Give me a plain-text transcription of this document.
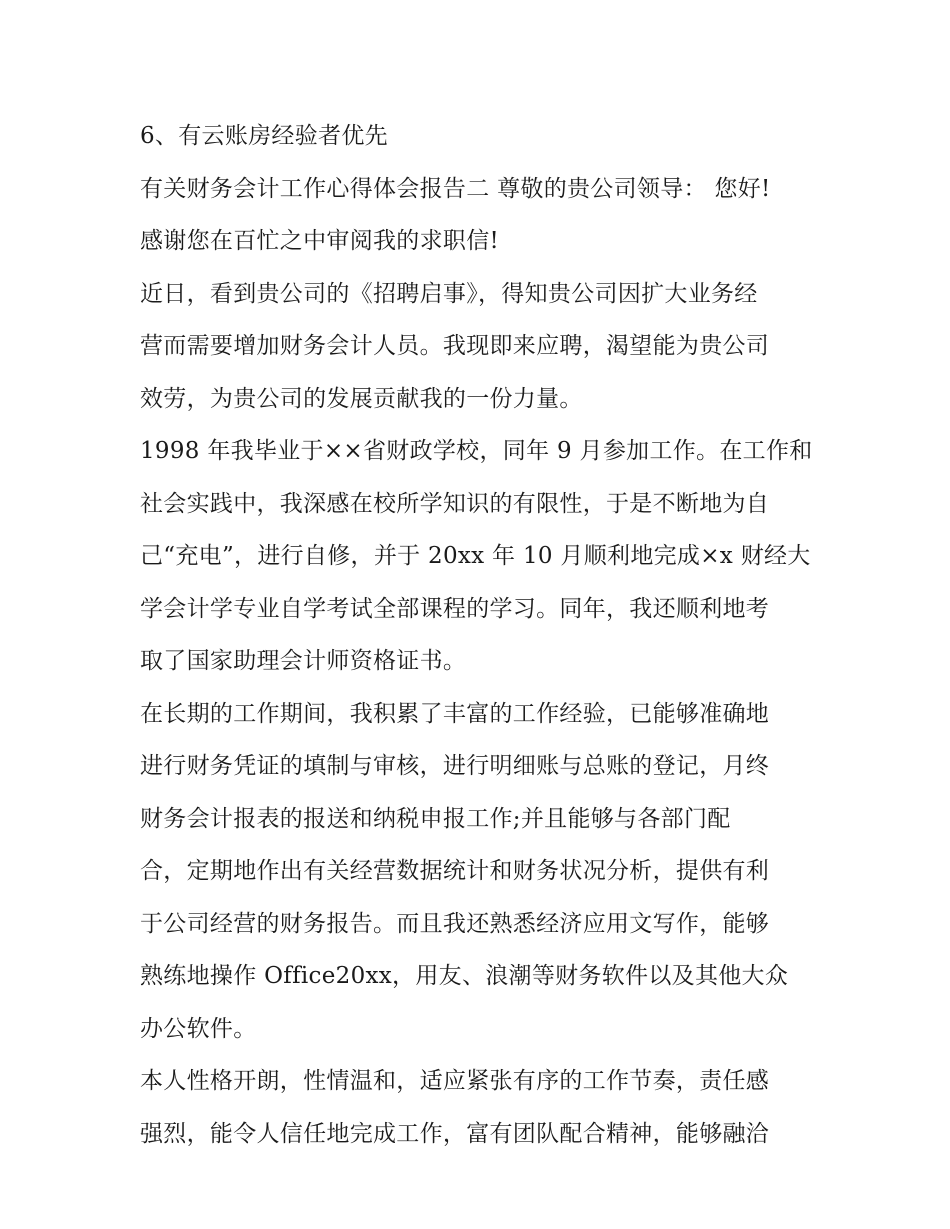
6、有云账房经验者优先
有关财务会计工作心得体会报告二 尊敬的贵公司领导： 您好!
感谢您在百忙之中审阅我的求职信!
近日，看到贵公司的《招聘启事》，得知贵公司因扩大业务经
营而需要增加财务会计人员。我现即来应聘，渴望能为贵公司
效劳，为贵公司的发展贡献我的一份力量。
1998 年我毕业于××省财政学校，同年 9 月参加工作。在工作和
社会实践中，我深感在校所学知识的有限性，于是不断地为自
己“充电”，进行自修，并于 20xx 年 10 月顺利地完成×x 财经大
学会计学专业自学考试全部课程的学习。同年，我还顺利地考
取了国家助理会计师资格证书。
在长期的工作期间，我积累了丰富的工作经验，已能够准确地
进行财务凭证的填制与审核，进行明细账与总账的登记，月终
财务会计报表的报送和纳税申报工作;并且能够与各部门配
合，定期地作出有关经营数据统计和财务状况分析，提供有利
于公司经营的财务报告。而且我还熟悉经济应用文写作，能够
熟练地操作 Office20xx，用友、浪潮等财务软件以及其他大众
办公软件。
本人性格开朗，性情温和，适应紧张有序的工作节奏，责任感
强烈，能令人信任地完成工作，富有团队配合精神，能够融洽
